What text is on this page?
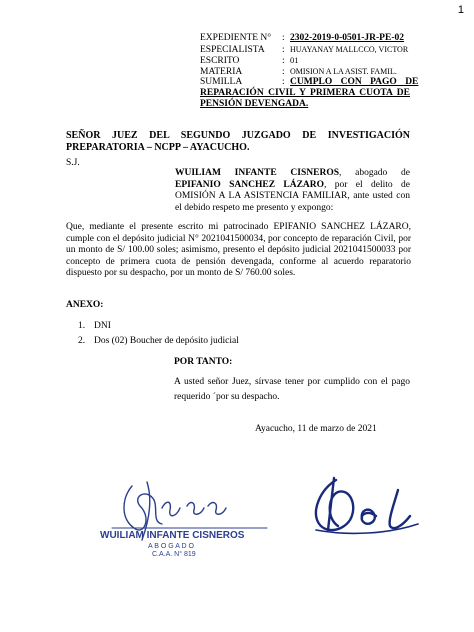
1
EXPEDIENTE N° : 2302-2019-0-0501-JR-PE-02
ESPECIALISTA : HUAYANAY MALLCCO, VICTOR
ESCRITO	: 01
MATERIA	: OMISION A LA ASIST. FAMIL.
SUMILLA	: CUMPLO CON PAGO DE
REPARACIÓN CIVIL Y PRIMERA CUOTA DE PENSIÓN DEVENGADA.
SEÑOR JUEZ DEL SEGUNDO JUZGADO DE INVESTIGACIÓN PREPARATORIA – NCPP – AYACUCHO.
S.J.
WUILIAM INFANTE CISNEROS, abogado de EPIFANIO SANCHEZ LÁZARO, por el delito de OMISIÓN A LA ASISTENCIA FAMILIAR, ante usted con el debido respeto me presento y expongo:
Que, mediante el presente escrito mi patrocinado EPIFANIO SANCHEZ LÁZARO, cumple con el depósito judicial N° 2021041500034, por concepto de reparación Civil, por un monto de S/ 100.00 soles; asimismo, presento el depósito judicial 2021041500033 por concepto de primera cuota de pensión devengada, conforme al acuerdo reparatorio dispuesto por su despacho, por un monto de S/ 760.00 soles.
ANEXO:
1. DNI
2. Dos (02) Boucher de depósito judicial
POR TANTO:
A usted señor Juez, sírvase tener por cumplido con el pago requerido ´por su despacho.
Ayacucho, 11 de marzo de 2021
WUILIAM INFANTE CISNEROS
A B O G A D O
C.A.A. N° 819
